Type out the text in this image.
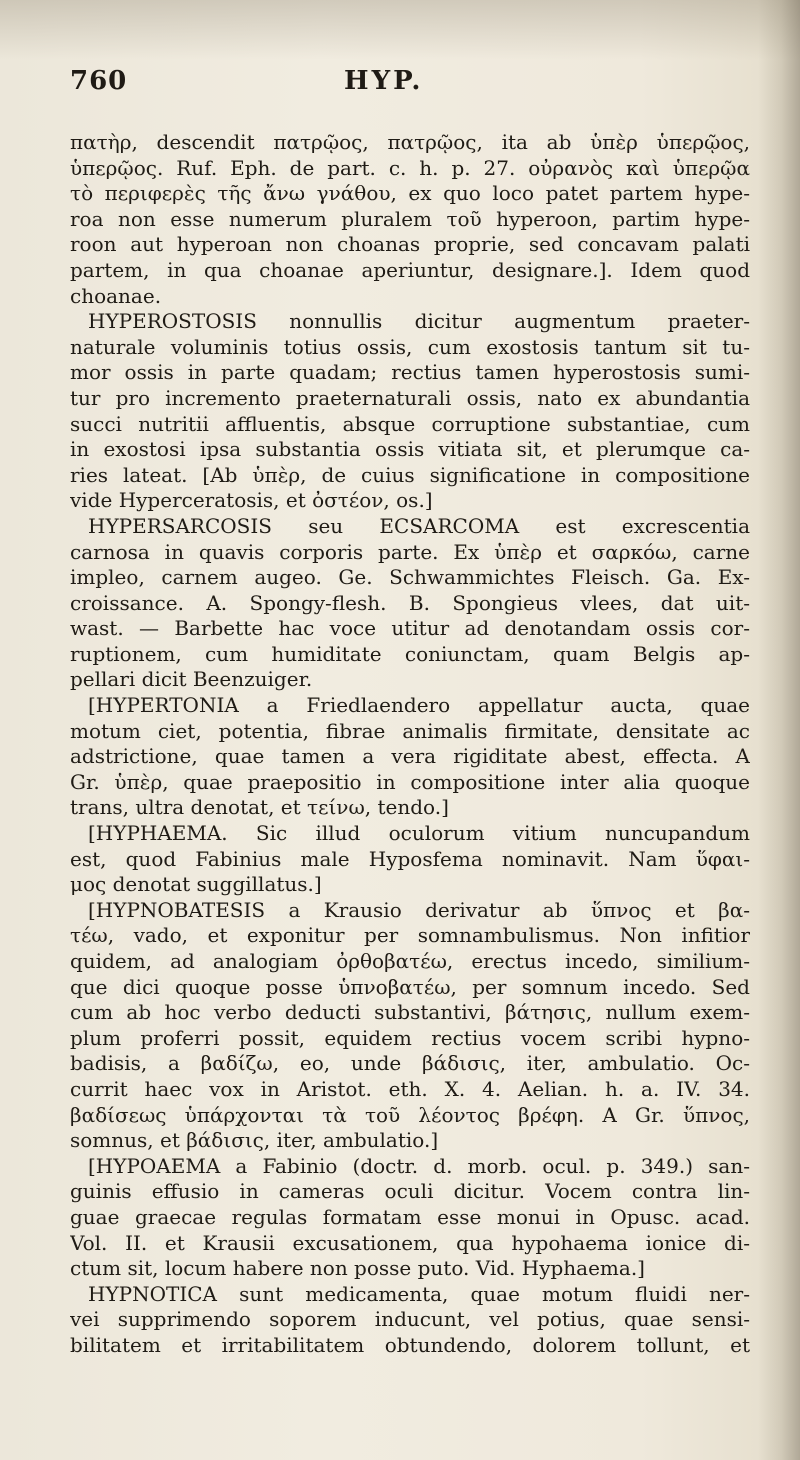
760	HYP.
πατὴρ, descendit πατρῷος, πατρῷος, ita ab ὑπὲρ ὑπερῷος,
ὑπερῷος. Ruf. Eph. de part. c. h. p. 27. οὐρανὸς καὶ ὑπερῷα
τὸ περιφερὲς τῆς ἄνω γνάθου, ex quo loco patet partem hype-
roa non esse numerum pluralem τοῦ hyperoon, partim hype-
roon aut hyperoan non choanas proprie, sed concavam palati
partem, in qua choanae aperiuntur, designare.]. Idem quod
choanae.
HYPEROSTOSIS nonnullis dicitur augmentum praeter-
naturale voluminis totius ossis, cum exostosis tantum sit tu-
mor ossis in parte quadam; rectius tamen hyperostosis sumi-
tur pro incremento praeternaturali ossis, nato ex abundantia
succi nutritii affluentis, absque corruptione substantiae, cum
in exostosi ipsa substantia ossis vitiata sit, et plerumque ca-
ries lateat. [Ab ὑπὲρ, de cuius significatione in compositione
vide Hyperceratosis, et ὀστέον, os.]
HYPERSARCOSIS seu ECSARCOMA est excrescentia
carnosa in quavis corporis parte. Ex ὑπὲρ et σαρκόω, carne
impleo, carnem augeo. Ge. Schwammichtes Fleisch. Ga. Ex-
croissance. A. Spongy-flesh. B. Spongieus vlees, dat uit-
wast. — Barbette hac voce utitur ad denotandam ossis cor-
ruptionem, cum humiditate coniunctam, quam Belgis ap-
pellari dicit Beenzuiger.
[HYPERTONIA a Friedlaendero appellatur aucta, quae
motum ciet, potentia, fibrae animalis firmitate, densitate ac
adstrictione, quae tamen a vera rigiditate abest, effecta. A
Gr. ὑπὲρ, quae praepositio in compositione inter alia quoque
trans, ultra denotat, et τείνω, tendo.]
[HYPHAEMA. Sic illud oculorum vitium nuncupandum
est, quod Fabinius male Hyposfema nominavit. Nam ὕφαι-
μος denotat suggillatus.]
[HYPNOBATESIS a Krausio derivatur ab ὕπνος et βα-
τέω, vado, et exponitur per somnambulismus. Non infitior
quidem, ad analogiam ὀρθοβατέω, erectus incedo, similium-
que dici quoque posse ὑπνοβατέω, per somnum incedo. Sed
cum ab hoc verbo deducti substantivi, βάτησις, nullum exem-
plum proferri possit, equidem rectius vocem scribi hypno-
badisis, a βαδίζω, eo, unde βάδισις, iter, ambulatio. Oc-
currit haec vox in Aristot. eth. X. 4. Aelian. h. a. IV. 34.
βαδίσεως ὑπάρχονται τὰ τοῦ λέοντος βρέφη. A Gr. ὕπνος,
somnus, et βάδισις, iter, ambulatio.]
[HYPOAEMA a Fabinio (doctr. d. morb. ocul. p. 349.) san-
guinis effusio in cameras oculi dicitur. Vocem contra lin-
guae graecae regulas formatam esse monui in Opusc. acad.
Vol. II. et Krausii excusationem, qua hypohaema ionice di-
ctum sit, locum habere non posse puto. Vid. Hyphaema.]
HYPNOTICA sunt medicamenta, quae motum fluidi ner-
vei supprimendo soporem inducunt, vel potius, quae sensi-
bilitatem et irritabilitatem obtundendo, dolorem tollunt, et
